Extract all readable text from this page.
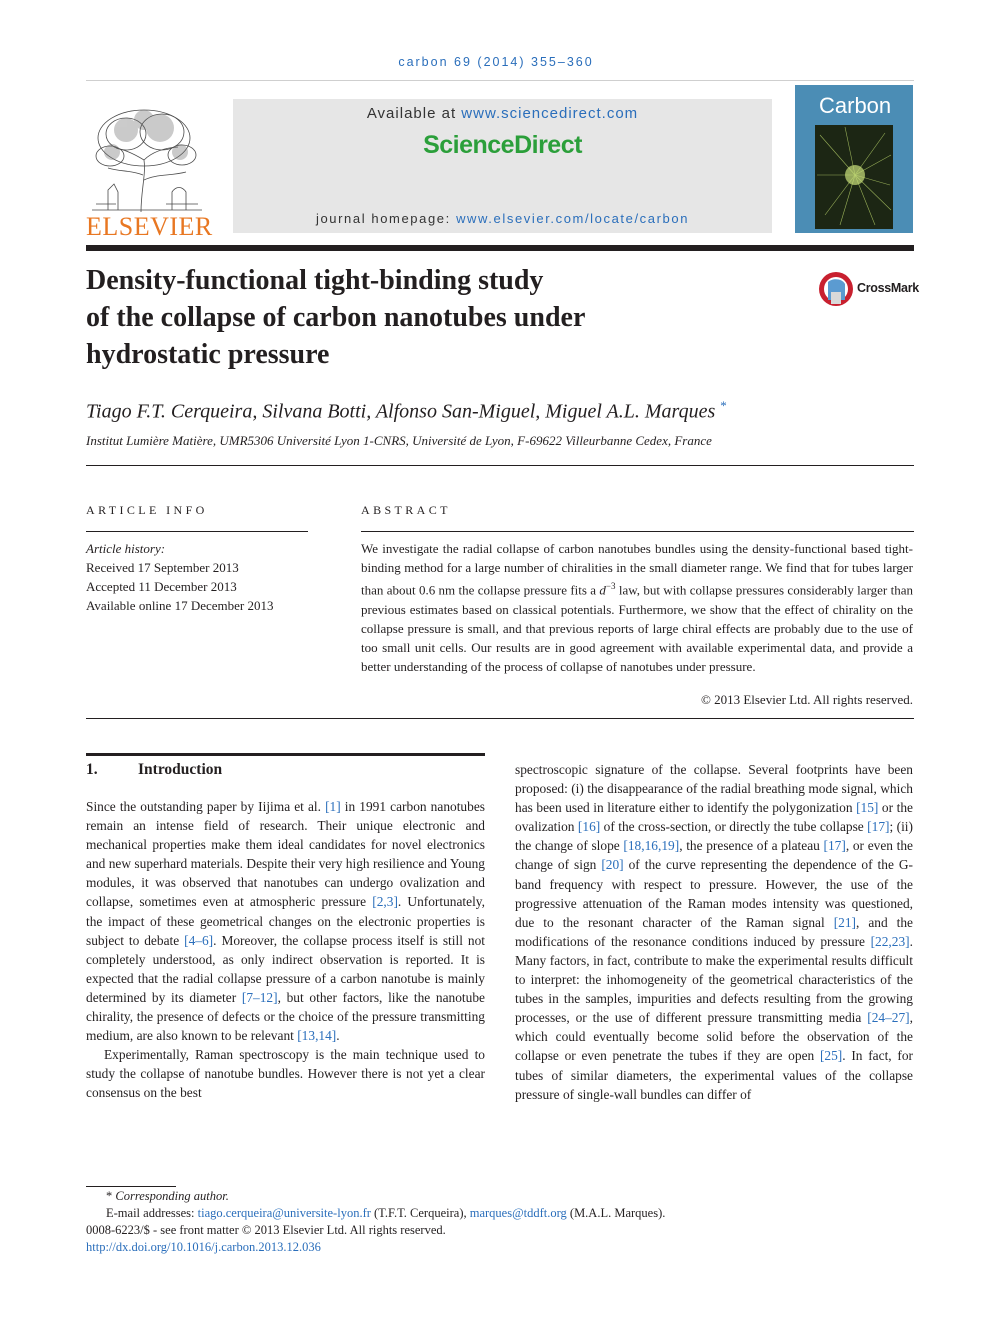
carbon 69 (2014) 355–360
ELSEVIER
Available at www.sciencedirect.com
ScienceDirect
journal homepage: www.elsevier.com/locate/carbon
Carbon
Density-functional tight-binding study
of the collapse of carbon nanotubes under
hydrostatic pressure
CrossMark
Tiago F.T. Cerqueira, Silvana Botti, Alfonso San-Miguel, Miguel A.L. Marques *
Institut Lumière Matière, UMR5306 Université Lyon 1-CNRS, Université de Lyon, F-69622 Villeurbanne Cedex, France
ARTICLE INFO
Article history:
Received 17 September 2013
Accepted 11 December 2013
Available online 17 December 2013
ABSTRACT
We investigate the radial collapse of carbon nanotubes bundles using the density-functional based tight-binding method for a large number of chiralities in the small diameter range. We find that for tubes larger than about 0.6 nm the collapse pressure fits a $d^{-3}$ law, but with collapse pressures considerably larger than previous estimates based on classical potentials. Furthermore, we show that the effect of chirality on the collapse pressure is small, and that previous reports of large chiral effects are probably due to the use of too small unit cells. Our results are in good agreement with available experimental data, and provide a better understanding of the process of collapse of nanotubes under pressure.
© 2013 Elsevier Ltd. All rights reserved.
1.	Introduction

Since the outstanding paper by Iijima et al. [1] in 1991 carbon nanotubes remain an intense field of research. Their unique electronic and mechanical properties make them ideal candidates for novel electronics and new superhard materials. Despite their very high resilience and Young modules, it was observed that nanotubes can undergo ovalization and collapse, sometimes even at atmospheric pressure [2,3]. Unfortunately, the impact of these geometrical changes on the electronic properties is subject to debate [4–6]. Moreover, the collapse process itself is still not completely understood, as only indirect observation is reported. It is expected that the radial collapse pressure of a carbon nanotube is mainly determined by its diameter [7–12], but other factors, like the nanotube chirality, the presence of defects or the choice of the pressure transmitting medium, are also known to be relevant [13,14].

Experimentally, Raman spectroscopy is the main technique used to study the collapse of nanotube bundles. However there is not yet a clear consensus on the best

spectroscopic signature of the collapse. Several footprints have been proposed: (i) the disappearance of the radial breathing mode signal, which has been used in literature either to identify the polygonization [15] or the ovalization [16] of the cross-section, or directly the tube collapse [17]; (ii) the change of slope [18,16,19], the presence of a plateau [17], or even the change of sign [20] of the curve representing the dependence of the G-band frequency with respect to pressure. However, the use of the progressive attenuation of the Raman modes intensity was questioned, due to the resonant character of the Raman signal [21], and the modifications of the resonance conditions induced by pressure [22,23]. Many factors, in fact, contribute to make the experimental results difficult to interpret: the inhomogeneity of the geometrical characteristics of the tubes in the samples, impurities and defects resulting from the growing processes, or the use of different pressure transmitting media [24–27], which could eventually become solid before the observation of the collapse or even penetrate the tubes if they are open [25]. In fact, for tubes of similar diameters, the experimental values of the collapse pressure of single-wall bundles can differ of

* Corresponding author.
E-mail addresses: tiago.cerqueira@universite-lyon.fr (T.F.T. Cerqueira), marques@tddft.org (M.A.L. Marques).
0008-6223/$ - see front matter © 2013 Elsevier Ltd. All rights reserved.
http://dx.doi.org/10.1016/j.carbon.2013.12.036
